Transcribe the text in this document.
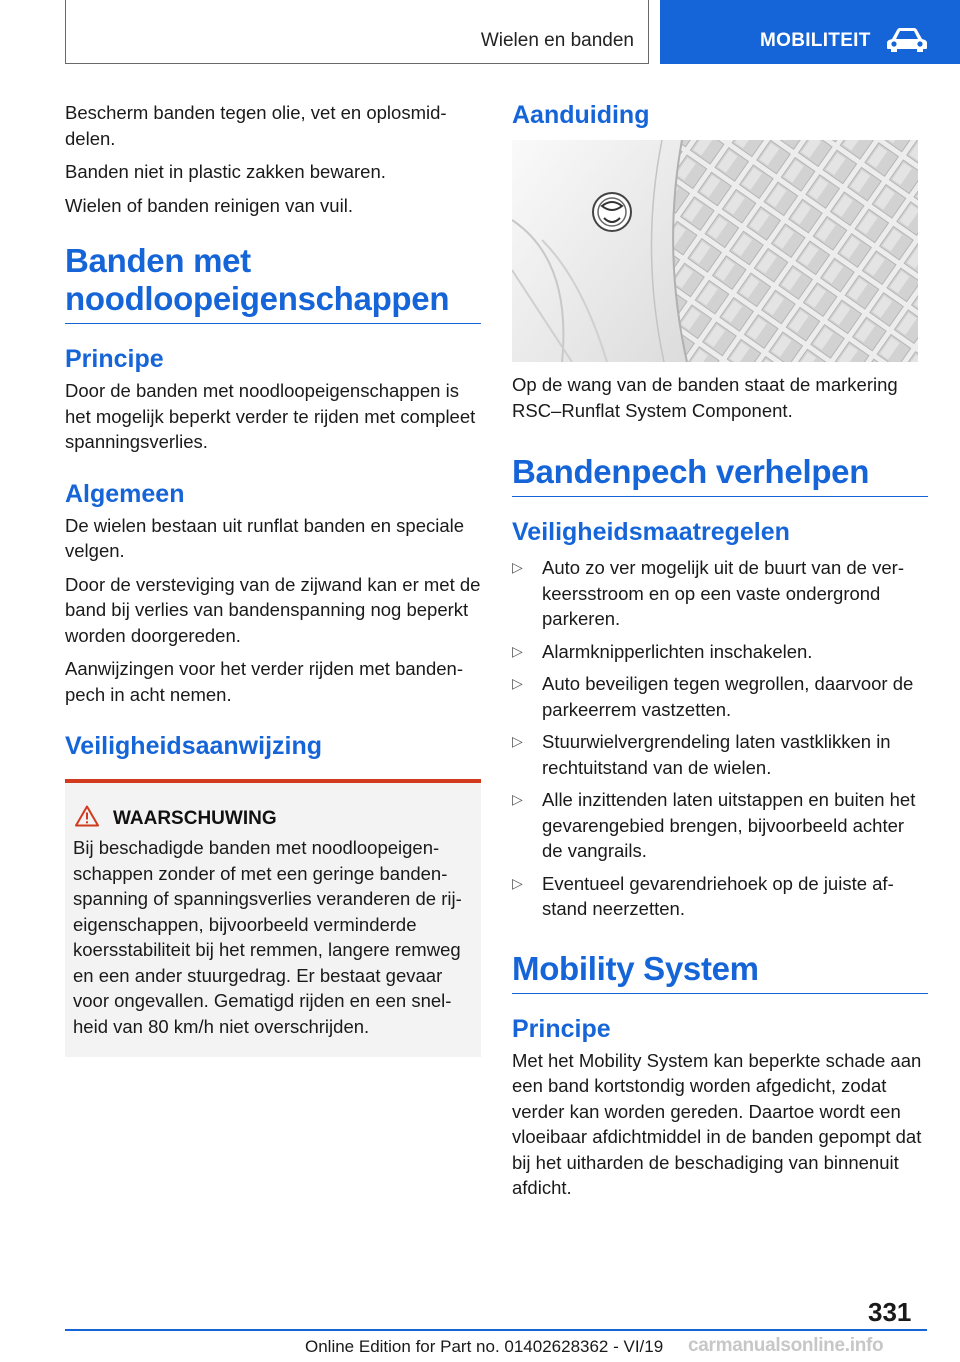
Wielen en banden	MOBILITEIT

Bescherm banden tegen olie, vet en oplosmiddelen.

Banden niet in plastic zakken bewaren.

Wielen of banden reinigen van vuil.

Banden met noodloopeigenschappen
Principe

Door de banden met noodloopeigenschappen is het mogelijk beperkt verder te rijden met compleet spanningsverlies.

Algemeen

De wielen bestaan uit runflat banden en speciale velgen.

Door de versteviging van de zijwand kan er met de band bij verlies van bandenspanning nog beperkt worden doorgereden.

Aanwijzingen voor het verder rijden met bandenpech in acht nemen.

Veiligheidsaanwijzing
WAARSCHUWING

Bij beschadigde banden met noodloopeigenschappen zonder of met een geringe bandenspanning of spanningsverlies veranderen de rijeigenschappen, bijvoorbeeld verminderde koersstabiliteit bij het remmen, langere remweg en een ander stuurgedrag. Er bestaat gevaar voor ongevallen. Gematigd rijden en een snelheid van 80 km/h niet overschrijden.

Aanduiding

Op de wang van de banden staat de markering RSC–Runflat System Component.

Bandenpech verhelpen
Veiligheidsmaatregelen
▷ Auto zo ver mogelijk uit de buurt van de verkeersstroom en op een vaste ondergrond parkeren.
▷ Alarmknipperlichten inschakelen.
▷ Auto beveiligen tegen wegrollen, daarvoor de parkeerrem vastzetten.
▷ Stuurwielvergrendeling laten vastklikken in rechtuitstand van de wielen.
▷ Alle inzittenden laten uitstappen en buiten het gevarengebied brengen, bijvoorbeeld achter de vangrails.
▷ Eventueel gevarendriehoek op de juiste afstand neerzetten.
Mobility System
Principe

Met het Mobility System kan beperkte schade aan een band kortstondig worden afgedicht, zodat verder kan worden gereden. Daartoe wordt een vloeibaar afdichtmiddel in de banden gepompt dat bij het uitharden de beschadiging van binnenuit afdicht.

331
Online Edition for Part no. 01402628362 - VI/19 carmanualsonline.info
